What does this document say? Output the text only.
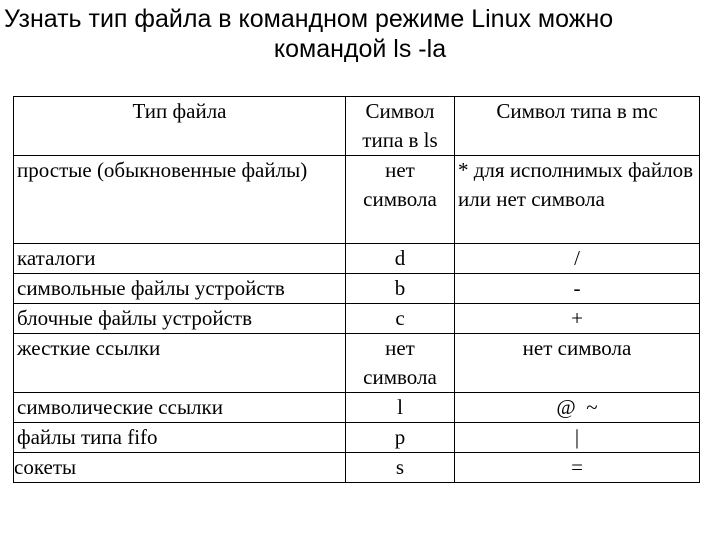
Узнать тип файла в командном режиме Linux можно
командой ls -la
Тип файла	Символ типа в ls	Символ типа в mc
простые (обыкновенные файлы)	нет символа	* для исполнимых файлов или нет символа
каталоги	d	/
символьные файлы устройств	b	-
блочные файлы устройств	c	+
жесткие ссылки	нет символа	нет символа
символические ссылки	l	@  ~
файлы типа fifo	p	|
сокеты	s	=
